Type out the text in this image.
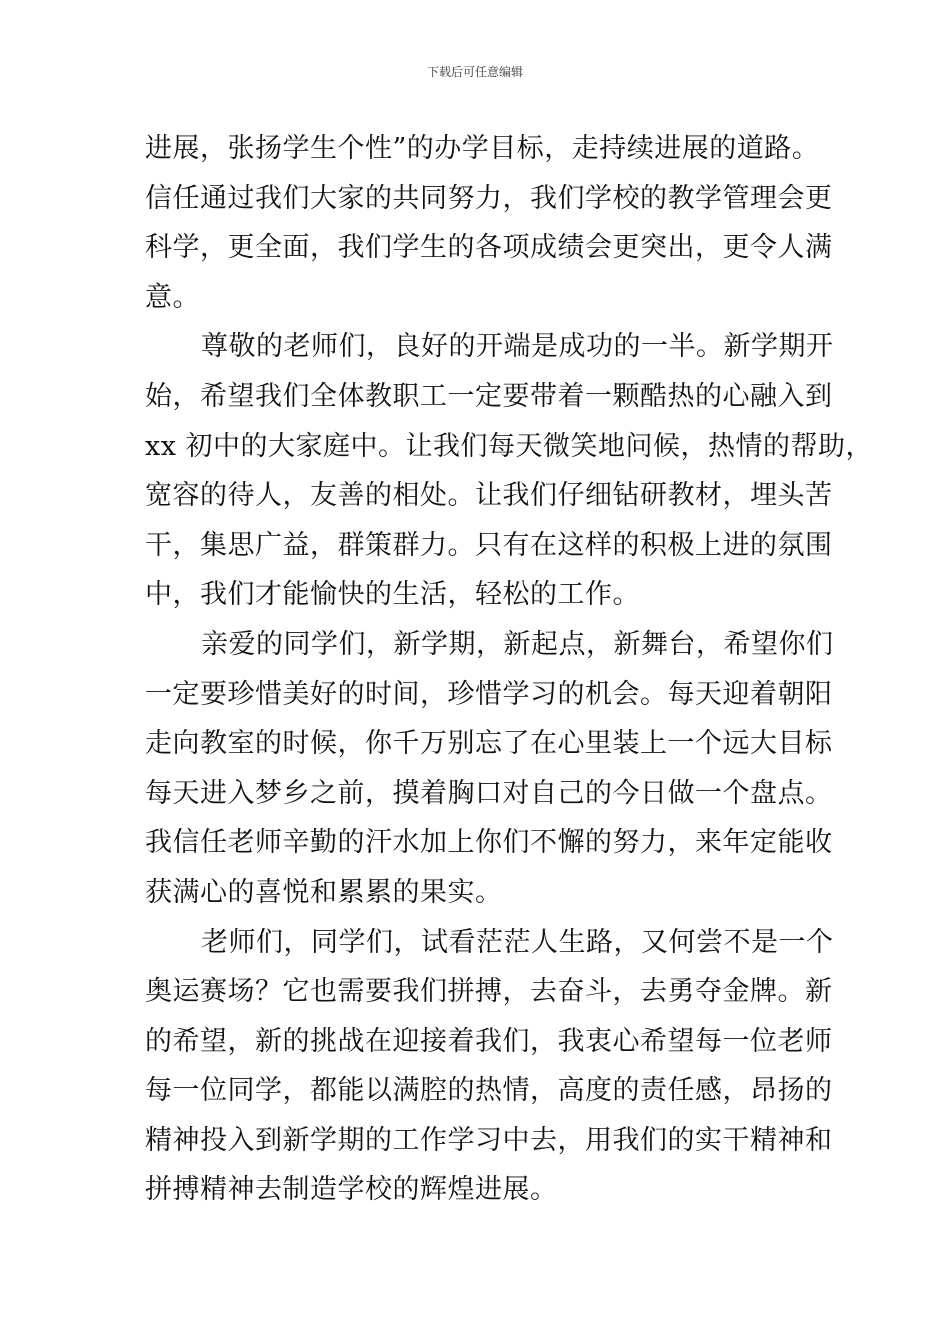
下载后可任意编辑
进展，张扬学生个性”的办学目标，走持续进展的道路。
信任通过我们大家的共同努力，我们学校的教学管理会更
科学，更全面，我们学生的各项成绩会更突出，更令人满
意。
尊敬的老师们，良好的开端是成功的一半。新学期开
始，希望我们全体教职工一定要带着一颗酷热的心融入到
xx 初中的大家庭中。让我们每天微笑地问候，热情的帮助，
宽容的待人，友善的相处。让我们仔细钻研教材，埋头苦
干，集思广益，群策群力。只有在这样的积极上进的氛围
中，我们才能愉快的生活，轻松的工作。
亲爱的同学们，新学期，新起点，新舞台，希望你们
一定要珍惜美好的时间，珍惜学习的机会。每天迎着朝阳
走向教室的时候，你千万别忘了在心里装上一个远大目标
每天进入梦乡之前，摸着胸口对自己的今日做一个盘点。
我信任老师辛勤的汗水加上你们不懈的努力，来年定能收
获满心的喜悦和累累的果实。
老师们，同学们，试看茫茫人生路，又何尝不是一个
奥运赛场？它也需要我们拼搏，去奋斗，去勇夺金牌。新
的希望，新的挑战在迎接着我们，我衷心希望每一位老师
每一位同学，都能以满腔的热情，高度的责任感，昂扬的
精神投入到新学期的工作学习中去，用我们的实干精神和
拼搏精神去制造学校的辉煌进展。
